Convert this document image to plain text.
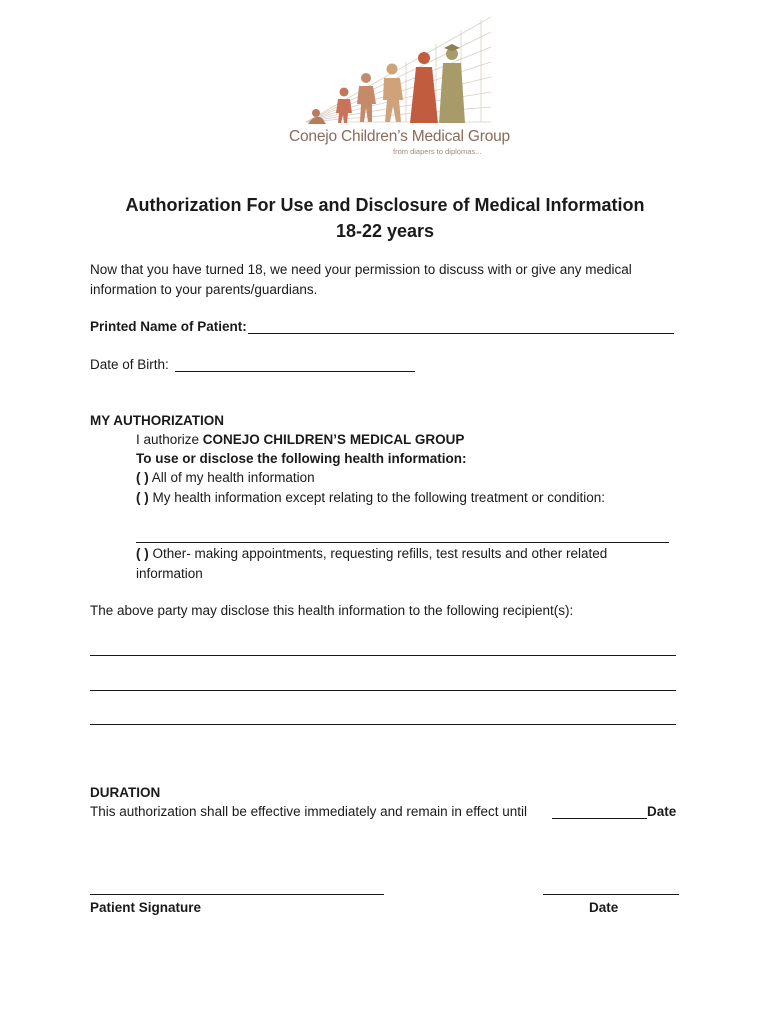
Conejo Children’s Medical Group
from diapers to diplomas...
Authorization For Use and Disclosure of Medical Information
18-22 years
Now that you have turned 18, we need your permission to discuss with or give any medical
information to your parents/guardians.
Printed Name of Patient:
Date of Birth:
MY AUTHORIZATION
I authorize CONEJO CHILDREN’S MEDICAL GROUP
To use or disclose the following health information:
( ) All of my health information
( ) My health information except relating to the following treatment or condition:
( ) Other- making appointments, requesting refills, test results and other related
information
The above party may disclose this health information to the following recipient(s):
DURATION
This authorization shall be effective immediately and remain in effect until	Date
Patient Signature	Date
